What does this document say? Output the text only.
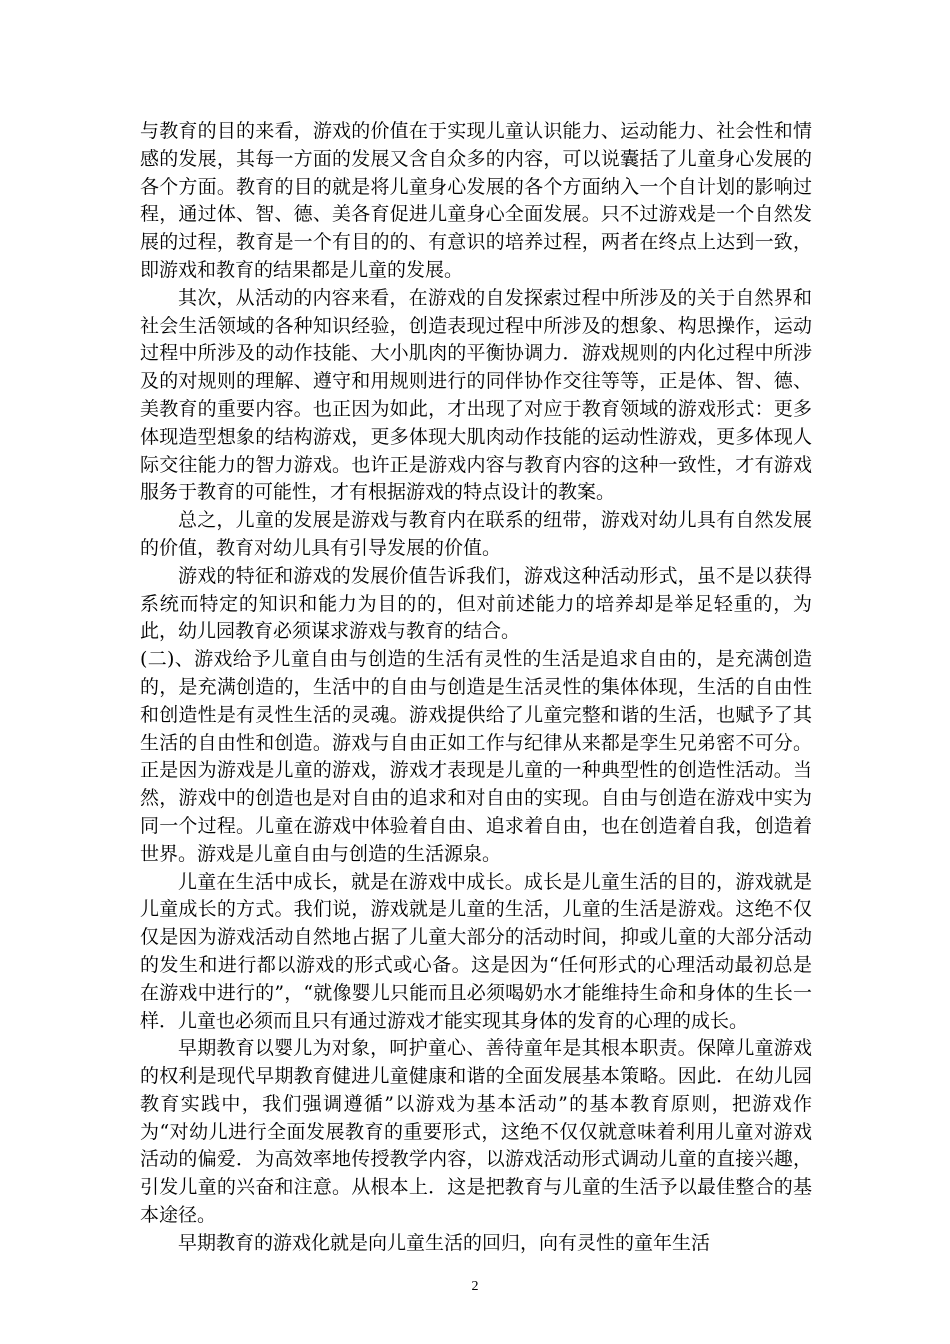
与教育的目的来看，游戏的价值在于实现儿童认识能力、运动能力、社会性和情感的发展，其每一方面的发展又含自众多的内容，可以说囊括了儿童身心发展的各个方面。教育的目的就是将儿童身心发展的各个方面纳入一个自计划的影响过程，通过体、智、德、美各育促进儿童身心全面发展。只不过游戏是一个自然发展的过程，教育是一个有目的的、有意识的培养过程，两者在终点上达到一致，即游戏和教育的结果都是儿童的发展。

其次，从活动的内容来看，在游戏的自发探索过程中所涉及的关于自然界和社会生活领域的各种知识经验，创造表现过程中所涉及的想象、构思操作，运动过程中所涉及的动作技能、大小肌肉的平衡协调力．游戏规则的内化过程中所涉及的对规则的理解、遵守和用规则进行的同伴协作交往等等，正是体、智、德、美教育的重要内容。也正因为如此，才出现了对应于教育领域的游戏形式：更多体现造型想象的结构游戏，更多体现大肌肉动作技能的运动性游戏，更多体现人际交往能力的智力游戏。也许正是游戏内容与教育内容的这种一致性，才有游戏服务于教育的可能性，才有根据游戏的特点设计的教案。

总之，儿童的发展是游戏与教育内在联系的纽带，游戏对幼儿具有自然发展的价值，教育对幼儿具有引导发展的价值。

游戏的特征和游戏的发展价值告诉我们，游戏这种活动形式，虽不是以获得系统而特定的知识和能力为目的的，但对前述能力的培养却是举足轻重的，为此，幼儿园教育必须谋求游戏与教育的结合。

(二)、游戏给予儿童自由与创造的生活有灵性的生活是追求自由的，是充满创造的，是充满创造的，生活中的自由与创造是生活灵性的集体体现，生活的自由性和创造性是有灵性生活的灵魂。游戏提供给了儿童完整和谐的生活，也赋予了其生活的自由性和创造。游戏与自由正如工作与纪律从来都是孪生兄弟密不可分。正是因为游戏是儿童的游戏，游戏才表现是儿童的一种典型性的创造性活动。当然，游戏中的创造也是对自由的追求和对自由的实现。自由与创造在游戏中实为同一个过程。儿童在游戏中体验着自由、追求着自由，也在创造着自我，创造着世界。游戏是儿童自由与创造的生活源泉。

儿童在生活中成长，就是在游戏中成长。成长是儿童生活的目的，游戏就是儿童成长的方式。我们说，游戏就是儿童的生活，儿童的生活是游戏。这绝不仅仅是因为游戏活动自然地占据了儿童大部分的活动时间，抑或儿童的大部分活动的发生和进行都以游戏的形式或心备。这是因为“任何形式的心理活动最初总是在游戏中进行的”，“就像婴儿只能而且必须喝奶水才能维持生命和身体的生长一样．儿童也必须而且只有通过游戏才能实现其身体的发育的心理的成长。

早期教育以婴儿为对象，呵护童心、善待童年是其根本职责。保障儿童游戏的权利是现代早期教育健进儿童健康和谐的全面发展基本策略。因此．在幼儿园教育实践中，我们强调遵循”以游戏为基本活动”的基本教育原则，把游戏作为“对幼儿进行全面发展教育的重要形式，这绝不仅仅就意味着利用儿童对游戏活动的偏爱．为高效率地传授教学内容，以游戏活动形式调动儿童的直接兴趣，引发儿童的兴奋和注意。从根本上．这是把教育与儿童的生活予以最佳整合的基本途径。

早期教育的游戏化就是向儿童生活的回归，向有灵性的童年生活

2
